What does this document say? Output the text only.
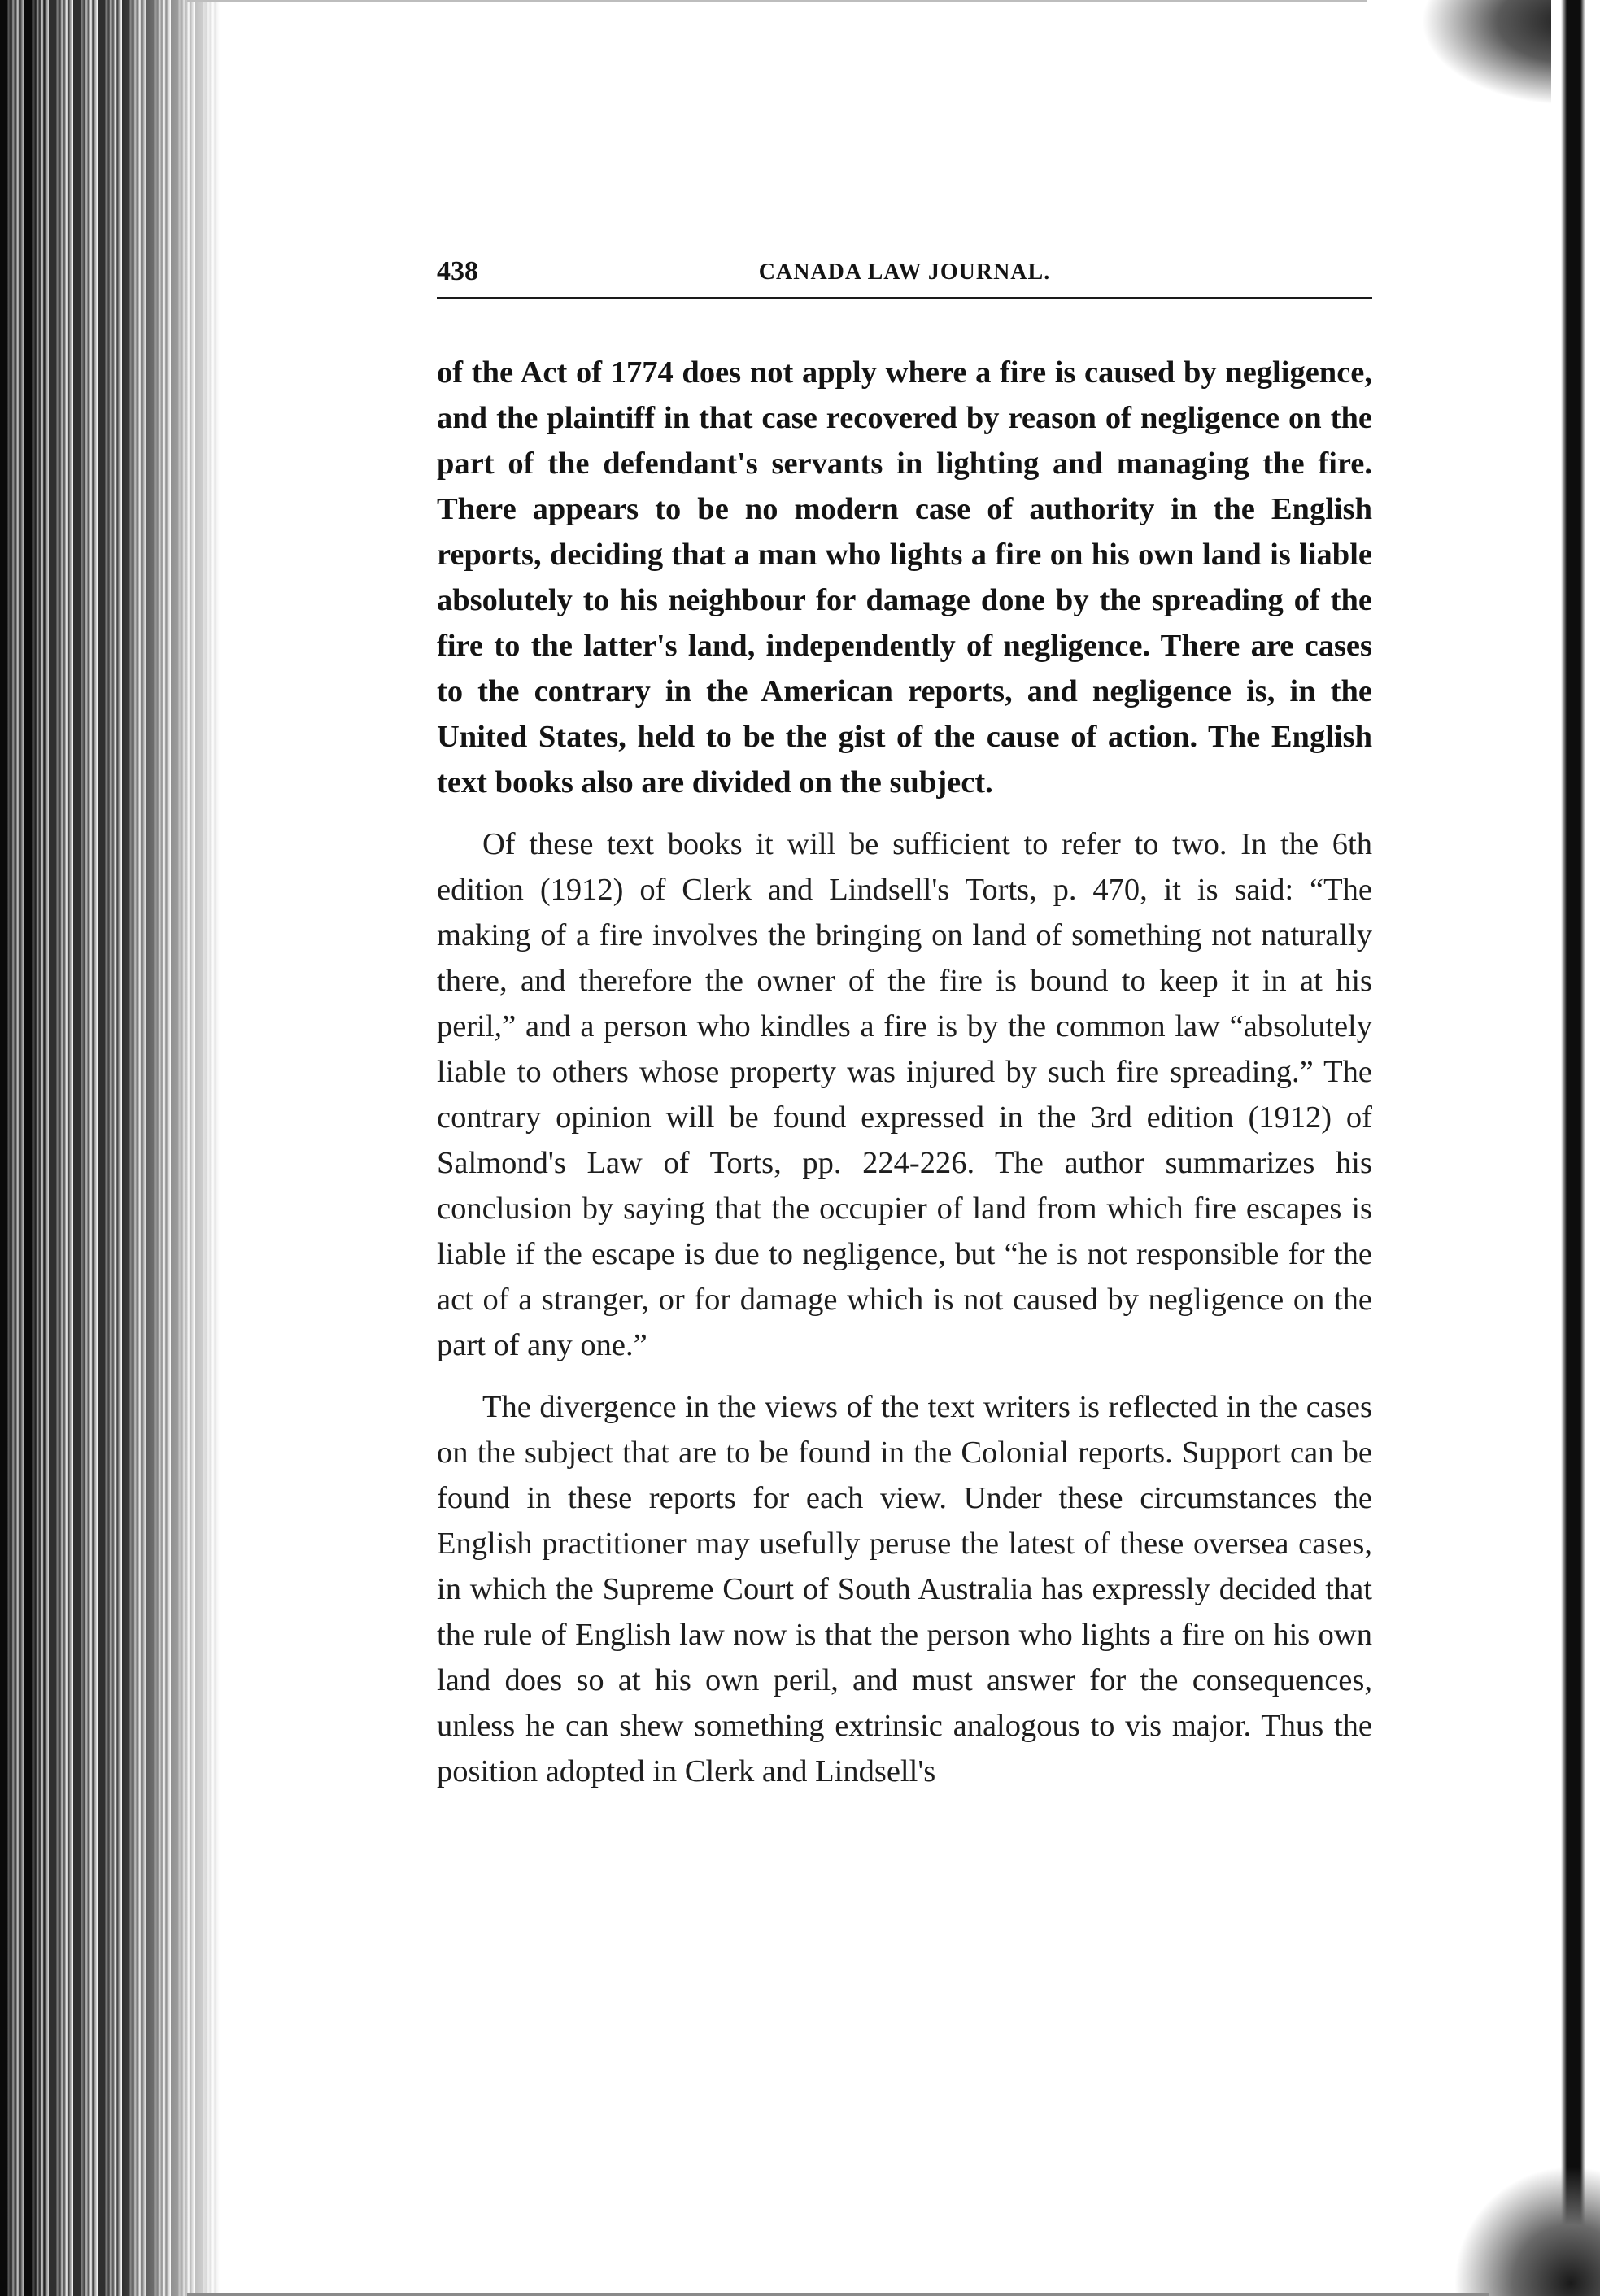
438	CANADA LAW JOURNAL.

of the Act of 1774 does not apply where a fire is caused by negligence, and the plaintiff in that case recovered by reason of negligence on the part of the defendant's servants in lighting and managing the fire. There appears to be no modern case of authority in the English reports, deciding that a man who lights a fire on his own land is liable absolutely to his neighbour for damage done by the spreading of the fire to the latter's land, independently of negligence. There are cases to the contrary in the American reports, and negligence is, in the United States, held to be the gist of the cause of action. The English text books also are divided on the subject.

Of these text books it will be sufficient to refer to two. In the 6th edition (1912) of Clerk and Lindsell's Torts, p. 470, it is said: “The making of a fire involves the bringing on land of something not naturally there, and therefore the owner of the fire is bound to keep it in at his peril,” and a person who kindles a fire is by the common law “absolutely liable to others whose property was injured by such fire spreading.” The contrary opinion will be found expressed in the 3rd edition (1912) of Salmond's Law of Torts, pp. 224-226. The author summarizes his conclusion by saying that the occupier of land from which fire escapes is liable if the escape is due to negligence, but “he is not responsible for the act of a stranger, or for damage which is not caused by negligence on the part of any one.”

The divergence in the views of the text writers is reflected in the cases on the subject that are to be found in the Colonial reports. Support can be found in these reports for each view. Under these circumstances the English practitioner may usefully peruse the latest of these oversea cases, in which the Supreme Court of South Australia has expressly decided that the rule of English law now is that the person who lights a fire on his own land does so at his own peril, and must answer for the consequences, unless he can shew something extrinsic analogous to vis major. Thus the position adopted in Clerk and Lindsell's
